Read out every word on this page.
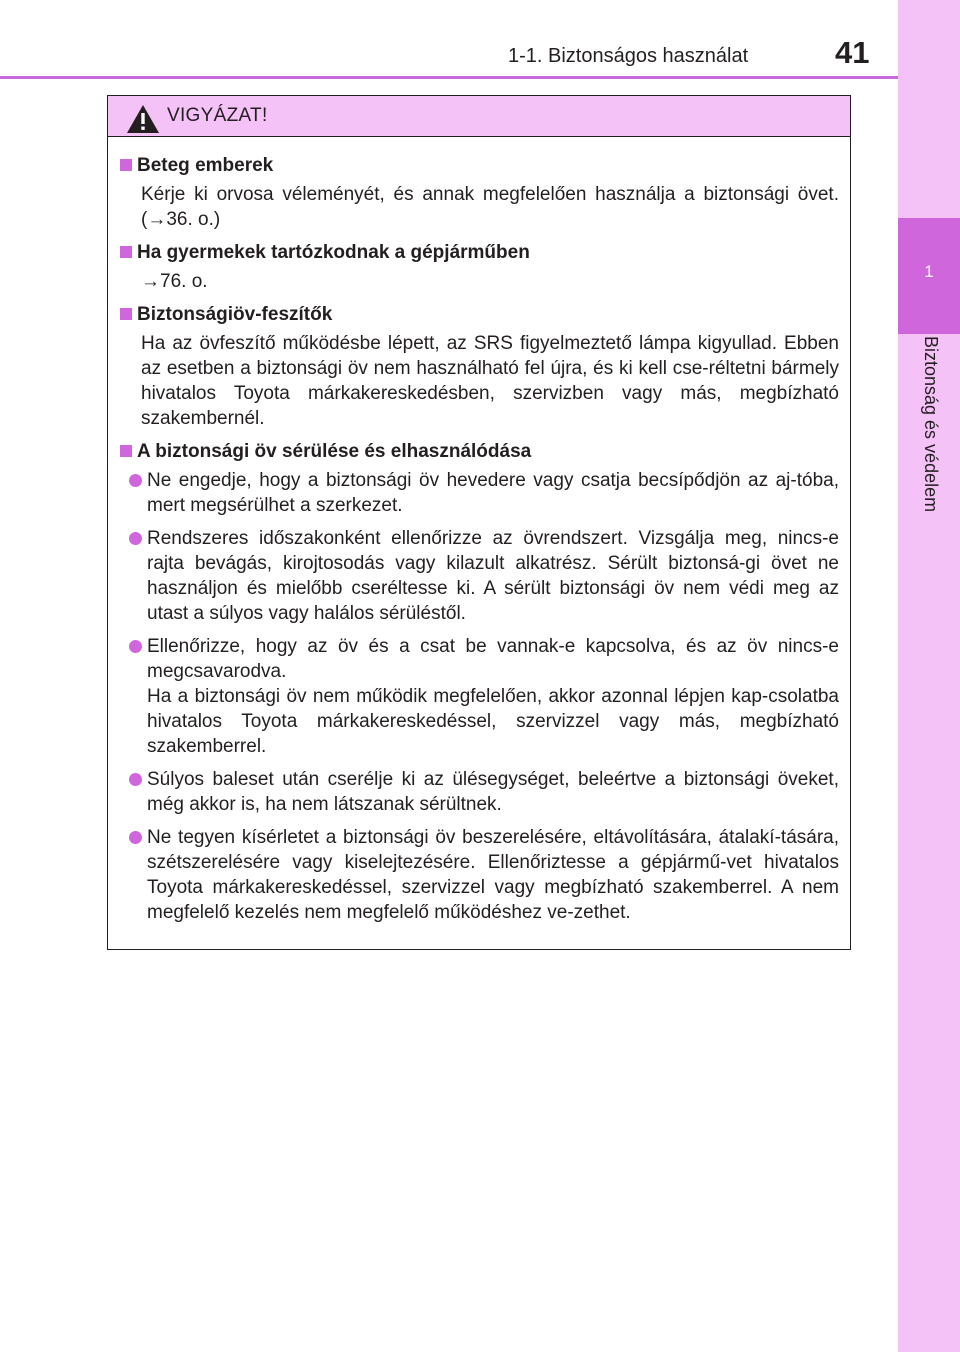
1
Biztonság és védelem
1-1. Biztonságos használat	41
VIGYÁZAT!
Beteg emberek
Kérje ki orvosa véleményét, és annak megfelelően használja a biztonsági övet. (→36. o.)
Ha gyermekek tartózkodnak a gépjárműben
→76. o.
Biztonságiöv-feszítők
Ha az övfeszítő működésbe lépett, az SRS figyelmeztető lámpa kigyullad. Ebben az esetben a biztonsági öv nem használható fel újra, és ki kell cse-réltetni bármely hivatalos Toyota márkakereskedésben, szervizben vagy más, megbízható szakembernél.
A biztonsági öv sérülése és elhasználódása
Ne engedje, hogy a biztonsági öv hevedere vagy csatja becsípődjön az aj-tóba, mert megsérülhet a szerkezet.
Rendszeres időszakonként ellenőrizze az övrendszert. Vizsgálja meg, nincs-e rajta bevágás, kirojtosodás vagy kilazult alkatrész. Sérült biztonsá-gi övet ne használjon és mielőbb cseréltesse ki. A sérült biztonsági öv nem védi meg az utast a súlyos vagy halálos sérüléstől.
Ellenőrizze, hogy az öv és a csat be vannak-e kapcsolva, és az öv nincs-e megcsavarodva.
Ha a biztonsági öv nem működik megfelelően, akkor azonnal lépjen kap-csolatba hivatalos Toyota márkakereskedéssel, szervizzel vagy más, megbízható szakemberrel.
Súlyos baleset után cserélje ki az ülésegységet, beleértve a biztonsági öveket, még akkor is, ha nem látszanak sérültnek.
Ne tegyen kísérletet a biztonsági öv beszerelésére, eltávolítására, átalakí-tására, szétszerelésére vagy kiselejtezésére. Ellenőriztesse a gépjármű-vet hivatalos Toyota márkakereskedéssel, szervizzel vagy megbízható szakemberrel. A nem megfelelő kezelés nem megfelelő működéshez ve-zethet.
